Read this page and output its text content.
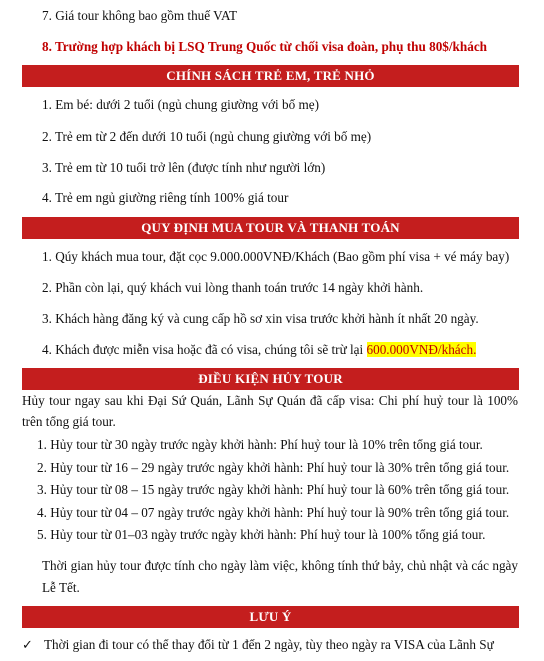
7. Giá tour không bao gồm thuế VAT
8. Trường hợp khách bị LSQ Trung Quốc từ chối visa đoàn, phụ thu 80$/khách
CHÍNH SÁCH TRẺ EM, TRẺ NHỎ
1. Em bé: dưới 2 tuổi (ngủ chung giường với bố mẹ)
2. Trẻ em từ 2 đến dưới 10 tuổi (ngủ chung giường với bố mẹ)
3. Trẻ em từ 10 tuổi trở lên (được tính như người lớn)
4. Trẻ em ngủ giường riêng tính 100% giá tour
QUY ĐỊNH MUA TOUR VÀ THANH TOÁN
1. Qúy khách mua tour, đặt cọc 9.000.000VNĐ/Khách (Bao gồm phí visa + vé máy bay)
2. Phần còn lại, quý khách vui lòng thanh toán trước 14 ngày khởi hành.
3. Khách hàng đăng ký và cung cấp hồ sơ xin visa trước khởi hành ít nhất 20 ngày.
4. Khách được miễn visa hoặc đã có visa, chúng tôi sẽ trừ lại 600.000VNĐ/khách.
ĐIỀU KIỆN HỦY TOUR
Hủy tour ngay sau khi Đại Sứ Quán, Lãnh Sự Quán đã cấp visa: Chi phí huỷ tour là 100% trên tổng giá tour.
1. Hủy tour từ 30 ngày trước ngày khởi hành: Phí huỷ tour là 10% trên tổng giá tour.
2. Hủy tour từ 16 – 29 ngày trước ngày khởi hành: Phí huỷ tour là 30% trên tổng giá tour.
3. Hủy tour từ 08 – 15 ngày trước ngày khởi hành: Phí huỷ tour là 60% trên tổng giá tour.
4. Hủy tour từ 04 – 07 ngày trước ngày khởi hành: Phí huỷ tour là 90% trên tổng giá tour.
5. Hủy tour từ 01–03 ngày trước ngày khởi hành: Phí huỷ tour là 100% tổng giá tour.
Thời gian hủy tour được tính cho ngày làm việc, không tính thứ bảy, chủ nhật và các ngày Lễ Tết.
LƯU Ý
✓ Thời gian đi tour có thể thay đổi từ 1 đến 2 ngày, tùy theo ngày ra VISA của Lãnh Sự
